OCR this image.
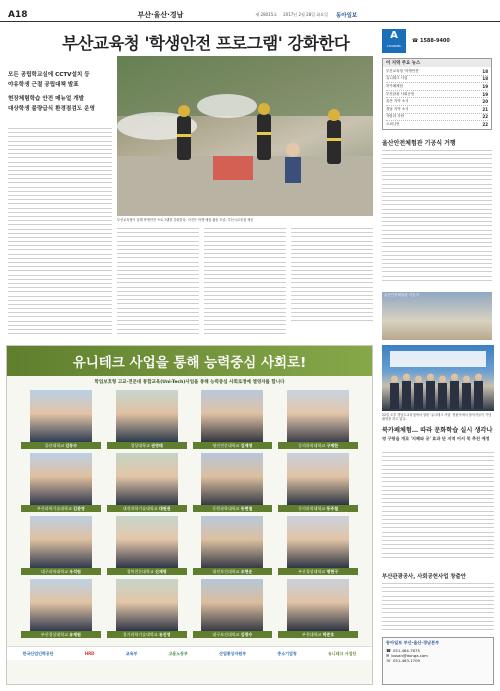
A18	부산·울산·경남	제 28015호 2017년 2월 28일 화요일 동아일보
부산교육청 '학생안전 프로그램' 강화한다
모든 공립학교실에 CCTV설치 등
야유학생 근절 공립대책 발표
현장체험학습 안전 매뉴얼 개발
대상학생 불량급식 환경점검도 운영
부산교육청이 올해 학생안전 프로그램을 강화한다. 사진은 학생 체험 활동 모습. 부산시교육청 제공
A
CHANNEL
☎ 1588-9400
이 지역 주요 뉴스
부산교육청 '학생안전'	18
유니테크 사업	18
북카페체험	19
부산관광 사회공헌	19
울산 지역 소식	20
경남 지역 소식	21
사람과 사람	22
오피니언	22
울산안전체험관 기공식 거행
울산안전체험관 기공식
유니테크 사업을 통해 능력중심 사회로!
학업보호형 고교·전문대 통합교육(Uni-Tech)사업을 통해 능력중심 사회로정예 엘영자를 합니다
울산대학교 김동수	경상대학교 권영태	영진전문대학교 김재영	동의과학대학교 구제한
부산과학기술대학교 김관영	대전과학기술대학교 대원권	동원과학대학교 동현철	동의과학대학교 동주철
대구과학대학교 우석원	경북전문대학교 신재평	대전보건대학교 조현순	부산경상대학교 명현구
부산경상대학교 유제원	경기과학기술대학교 유진영	대구보건대학교 김광수	부천대학교 박준호
한국산업인력공단	HRD	교육부	고용노동부	산업통상자원부	중소기업청	유니테크 사업단
22일 오후 경남도교육청에서 열린 '유니테크 사업' 현판식에서 참석자들이 기념촬영을 하고 있다.
북카페체험… 따라 문화학습 실시 생각나
영 구랑을 개로 '지혜와 공' 효과 단 지역 어서 북 추진 예정
부산관광공사, 사회공헌사업 창출안
동아일보 부산·울산·경남본부
☎ 051-464-7675
✉ busan@donga.com
☏ 051-463-1709
